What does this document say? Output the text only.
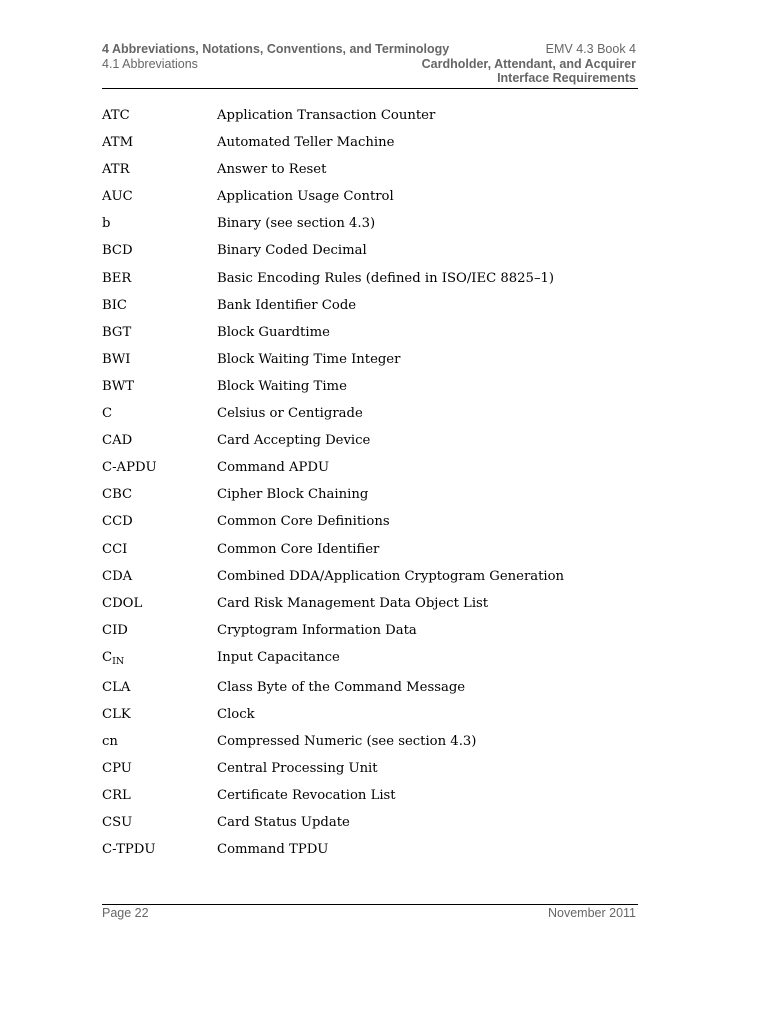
4 Abbreviations, Notations, Conventions, and Terminology
4.1 Abbreviations
EMV 4.3 Book 4
Cardholder, Attendant, and Acquirer
Interface Requirements
ATC	Application Transaction Counter
ATM	Automated Teller Machine
ATR	Answer to Reset
AUC	Application Usage Control
b	Binary (see section 4.3)
BCD	Binary Coded Decimal
BER	Basic Encoding Rules (defined in ISO/IEC 8825–1)
BIC	Bank Identifier Code
BGT	Block Guardtime
BWI	Block Waiting Time Integer
BWT	Block Waiting Time
C	Celsius or Centigrade
CAD	Card Accepting Device
C-APDU	Command APDU
CBC	Cipher Block Chaining
CCD	Common Core Definitions
CCI	Common Core Identifier
CDA	Combined DDA/Application Cryptogram Generation
CDOL	Card Risk Management Data Object List
CID	Cryptogram Information Data
$C_{IN}$	Input Capacitance
CLA	Class Byte of the Command Message
CLK	Clock
cn	Compressed Numeric (see section 4.3)
CPU	Central Processing Unit
CRL	Certificate Revocation List
CSU	Card Status Update
C-TPDU	Command TPDU
Page 22	November 2011
